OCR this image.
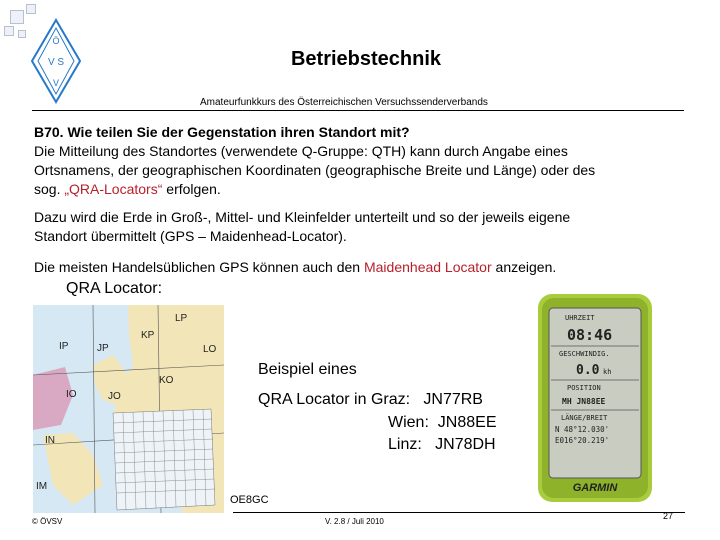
Ö
V S
V
Betriebstechnik
Amateurfunkkurs des Österreichischen Versuchssenderverbands
B70. Wie teilen Sie der Gegenstation ihren Standort mit?
Die Mitteilung des Standortes (verwendete Q-Gruppe: QTH) kann durch Angabe eines
Ortsnamens, der geographischen Koordinaten (geographische Breite und Länge) oder des
sog. „QRA-Locators“ erfolgen.
Dazu wird die Erde in Groß-, Mittel- und Kleinfelder unterteilt und so der jeweils eigene
Standort übermittelt (GPS – Maidenhead-Locator).
Die meisten Handelsüblichen GPS können auch den Maidenhead Locator anzeigen.
QRA Locator:
LP
KP
IP	JP	LO
KO
IO	JO
IN
IM
Beispiel eines
QRA Locator in Graz:   JN77RB
Wien:  JN88EE
Linz:   JN78DH
OE8GC
UHRZEIT
08:46
GESCHWINDIG.
0.0 kh
POSITION
MH JN88EE
LÄNGE/BREIT
N 48°12.030'
E016°20.219'
GARMIN
© ÖVSV	V. 2.8 / Juli 2010
27
